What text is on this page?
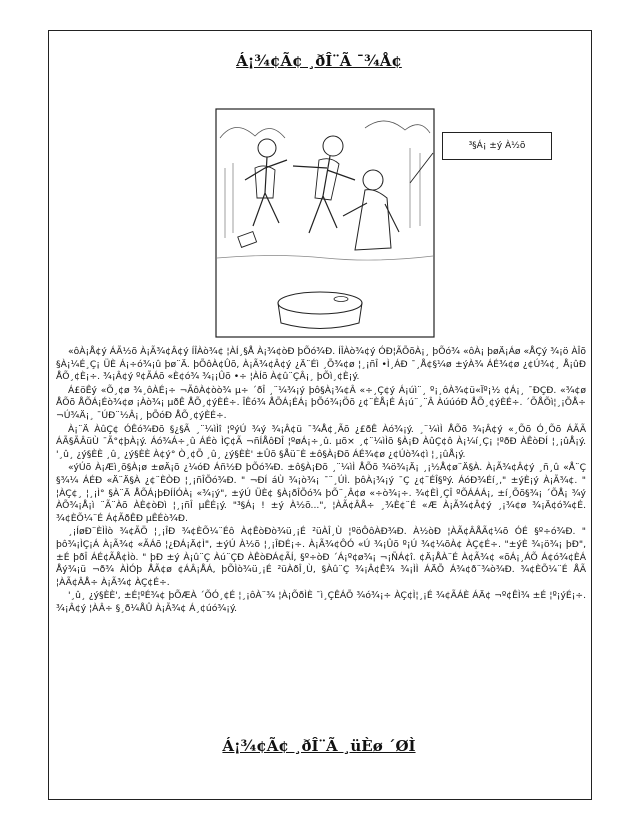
Á¡¾¢Ã¢ ¸ðÎ¨Ã ¯¾Å¢
³§Á¡ ±ý À½õ

«ôÀ¡Å¢ý ÁÃ½õ À¡Ã¾¢Â¢ý ÍÎÀò¾¢ ¦ÀÍ¸§Å À¡¾¢òÐ þÕó¾Ð. ÍÎÀò¾¢ý ÓÐ¦ÃÕõÀ¡¸ þÕó¾ «ôÀ¡ þøÄ¡Áø «ÅÇý ¾¡ö ÀÎõ §À¡¼É¸Ç¡ ÜÈ Á¡÷ó¾¡û þø¨Ä. þÕôÀ¢Ûõ, À¡Ã¾¢Â¢ý ¿Ä¨Éì ¸Õ¾¢ø ¦¸¡ñÎ •Ì¸ÁÐ ¯¸Å¢§¼ø ±ýÀ¾ ÁÉ¾¢ø ¿¢Ú¾¢¸ Å¡ûÐ ÅÕ¸¢È¡÷. ¾¡Â¢ý º¢ÃÁõ «È¢ó¾ ¾¡¡Ûõ •÷ ¦ÀÍõ À¢û¨ÇÂ¡¸ þÕì¸¢È¡ý.

Á£öÊý «Õ¸¢ø ¾¸ôÀÉ¡÷ ¬ÃôÀ¢òò¾ µ÷ ´ðÎ ¸¨¼¾¡ý þô§À¡¾¢Â «÷¸Ç¢ý Á¡úì¨¸ º¡¸ôÀ¾¢ü«Ïº¡½ ¢Á¡¸ ¯ÐÇÐ. «¾¢ø ÅÕõ ÅÕÁ¡Éò¾¢ø ¡Àò¾¡ µðÊ ÅÕ¸¢ýÈÉ÷. ÎÊó¾ ÅÕÁ¡ÉÁ¡ þÕó¾¡Öõ ¿¢¨ÈÅ¡É Á¡ú¨¸¨Â ÀúúóÐ ÅÕ¸¢ýÈÉ÷. ´ÕÅÕì¦¸¡ÕÅ÷ ¬Ú¾Ä¡¸ ¯ÚÐ¨½Â¡¸ þÕóÐ ÅÕ¸¢ýÈÉ÷.

À¡¨Ä ÀûÇ¢ ÓÊó¾Ðõ §¿§Ã ¸¨¼ìÌî ¦ºýÚ ¾ý ¾¡Â¢ü ¯¾Å¢¸Ãõ ¿£ðÊ Àó¾¡ý. ¸¨¼ìÌ ÅÕõ ¾¡Â¢ý «¸Õõ Ó¸Õõ ÁÃÃ ÁÃ§ÃÂüÙ ¯Ã°¢þÀ¡ý. Áó¾Á÷¸û ÁÉò ÌÇ¢Ã ¬ñÍÅôÐÎ ¦ºøÁ¡÷¸û. µõ× ¸¢¨¼ìÌõ §À¡Ð ÀûÇ¢ô À¡¼í¸Ç¡ ¦ºðÐ ÀÊòÐÍ ¦¸¡ûÅ¡ý. '¸û¸ ¿ý§ÈÈ ¸û¸ ¿ý§ÈÈ À¢ý° Ò¸¢Õ ¸û¸ ¿ý§ÈÈ' ±Ûõ §Åü¨È ±ô§À¡Ðõ ÁÉ¾¢ø ¿¢Úò¾¢ì ¦¸¡ûÅ¡ý.

«ýÚõ À¡Æì¸õ§À¡ø ±øÄ¡õ ¿¼óÐ Áñ½Ð þÕó¾Ð. ±ô§À¡Ðõ ¸¨¼ìÌ ÅÕõ ¾ö¾¡Ä¡ ¸¡½Å¢ø¨Ä§À. À¡Ã¾¢Â¢ý ¸ñ¸û «Å¨Ç §¾¼ ÁÉÐ «Ä¨Ä§À ¿¢¨ÈÒÐ ¦¸¡ñÎÕó¾Ð. " ¬ÐÍ áÙ ¾¡ò¾¡ ¯¨¸ÚÌ. þôÀ¡¾¡ý ¯Ç ¿¢¨ÉÎ§ºý. ÁóÐ¾Éí¸," ±ýÈ¡ý À¡Ã¾¢. " ¦ÀÇ¢¸ ¦¸¡Ì° §À¨Ä ÅÕÁ¡þÐÍÍÓÀ¡ «¾¡ý", ±ýÚ ÜÈ¢ §À¡ðÎÕó¾ þÕ¨¸Â¢ø «÷ò¾¡÷. ¾¢ÈÌ¸ÇÎ ºÕÁÁÁ¡, ±í¸Õõ§¾¡ ´ÕÅ¡ ¾ý ÀÕ¾¡Å¡ì ¨Ã¨Àõ ÀÈ¢òÐì ¦¸¡ñÎ µÊÉ¡ý. "³§Á¡ ! ±ý À½õ...", ¦ÀÃ¢ÂÅ÷ ¸¾È¢¨É «Æ À¡Ã¾¢Â¢ý ¸¡¾¢ø ¾¡Ä¢ó¾¢É. ¾¢ÈÕ¼¨É Á¢ÃðÊÐ µÊÉò¾Ð.

¸¡ÍøÐ¨ÈÌÌò ¾¢ÃÖ ¦¸¡ÎÐ ¾¢ÈÕ¼¨Éô À¢ÊòÐò¾ü¸¡É ²üÀÎ¸Ù ¦ºöÔôÀÐ¾Ð. À½òÐ ¦ÀÃ¢ÂÅÃ¢¼õ ÓÉ §º÷ó¾Ð. " þô¾¡ÌÇ¡Á À¡Ã¾¢ «ÃÁõ ¦¿ÐÁ¡Ä¢Ì", ±ýÚ À½õ ¦¸¡ÎÐÉ¡÷. À¡Ã¾¢ÔÓ «Ú ¾¡Ûõ º¡Ú ¾¢¼õÀ¢ ÀÇ¢É÷. "±ýÈ ¾¡ö¾¡ þÐ",±É þðÎ ÁÉ¢ÃÅ¢Ìò. " þÐ ±ý À¡û¨Ç Àú¨ÇÐ ÀÊòÐÁ¢ÃÍ, §º÷òÐ ´Á¡º¢ø¾¡ ¬¡ÑÁ¢î. ¢Ä¡ÅÀ¨É À¢Ã¾¢ «õÁ¡¸ÁÕ Á¢ó¾¢ÈÁ Åý¾¡ü ¬ð¾ ÀÌÓþ ÅÃ¢ø ¢ÁÂ¡ÅÁ, þÕÌò¾ü¸¡É ²üÀðÎ¸Ù, §Àû¨Ç ¾¡Â¢Ê¾ ¾¡ÌÌ ÁÄÕ Á¾¢ð¨¾ò¾Ð. ¾¢ÈÕ¼¨É ÅÃ ¦ÀÃ¢ÂÅ÷ À¡Ã¾¢ ÀÇ¢É÷.

'¸û¸ ¿ý§ÈÈ', ±É¦ºÉ¾¢ þÕÆÀ ´ÕÓ¸¢É ¦¸¡ôÀ¨¾ ¦À¡ÕðÌÈ ¯ì¸ÇÊÁÕ ¾ó¾¡÷ ÀÇ¢Ì¦¸¡É ¾¢ÃÁÈ ÁÄ¢ ¬º¢ÊÌ¾ ±É ¦º¡ýÉ¡÷. ¾¡Â¢ý ¦ÀÂ÷ §¸ð¼ÅÛ À¡Ã¾¢ Á¸¢úó¾¡ý.

Á¡¾¢Ã¢ ¸ðÎ¨Ã ¸üÈø ´ØÌ
